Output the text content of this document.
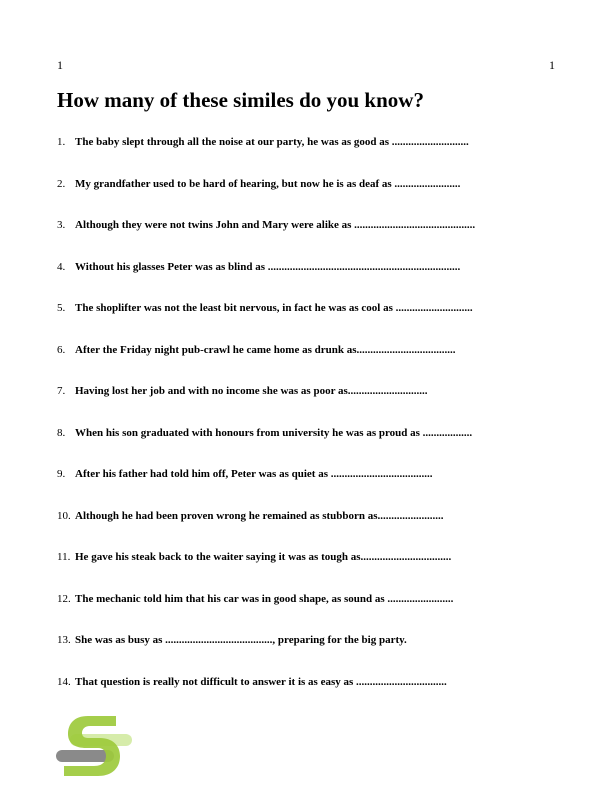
1	1
How many of these similes do you know?
1. The baby slept through all the noise at our party, he was as good as ............................
2. My grandfather used to be hard of hearing, but now he is as deaf as ........................
3. Although they were not twins John and Mary were alike as ............................................
4. Without his glasses Peter was as blind as ......................................................................
5. The shoplifter was not the least bit nervous, in fact he was as cool as ............................
6. After the Friday night pub-crawl he came home as drunk as....................................
7. Having lost her job and with no income she was as poor as.............................
8. When his son graduated with honours from university he was as proud as ..................
9. After his father had told him off, Peter was as quiet as .....................................
10. Although he had been proven wrong he remained as stubborn as........................
11. He gave his steak back to the waiter saying it was as tough as.................................
12. The mechanic told him that his car was in good shape, as sound as ........................
13. She was as busy as ......................................., preparing for the big party.
14. That question is really not difficult to answer it is as easy as .................................
